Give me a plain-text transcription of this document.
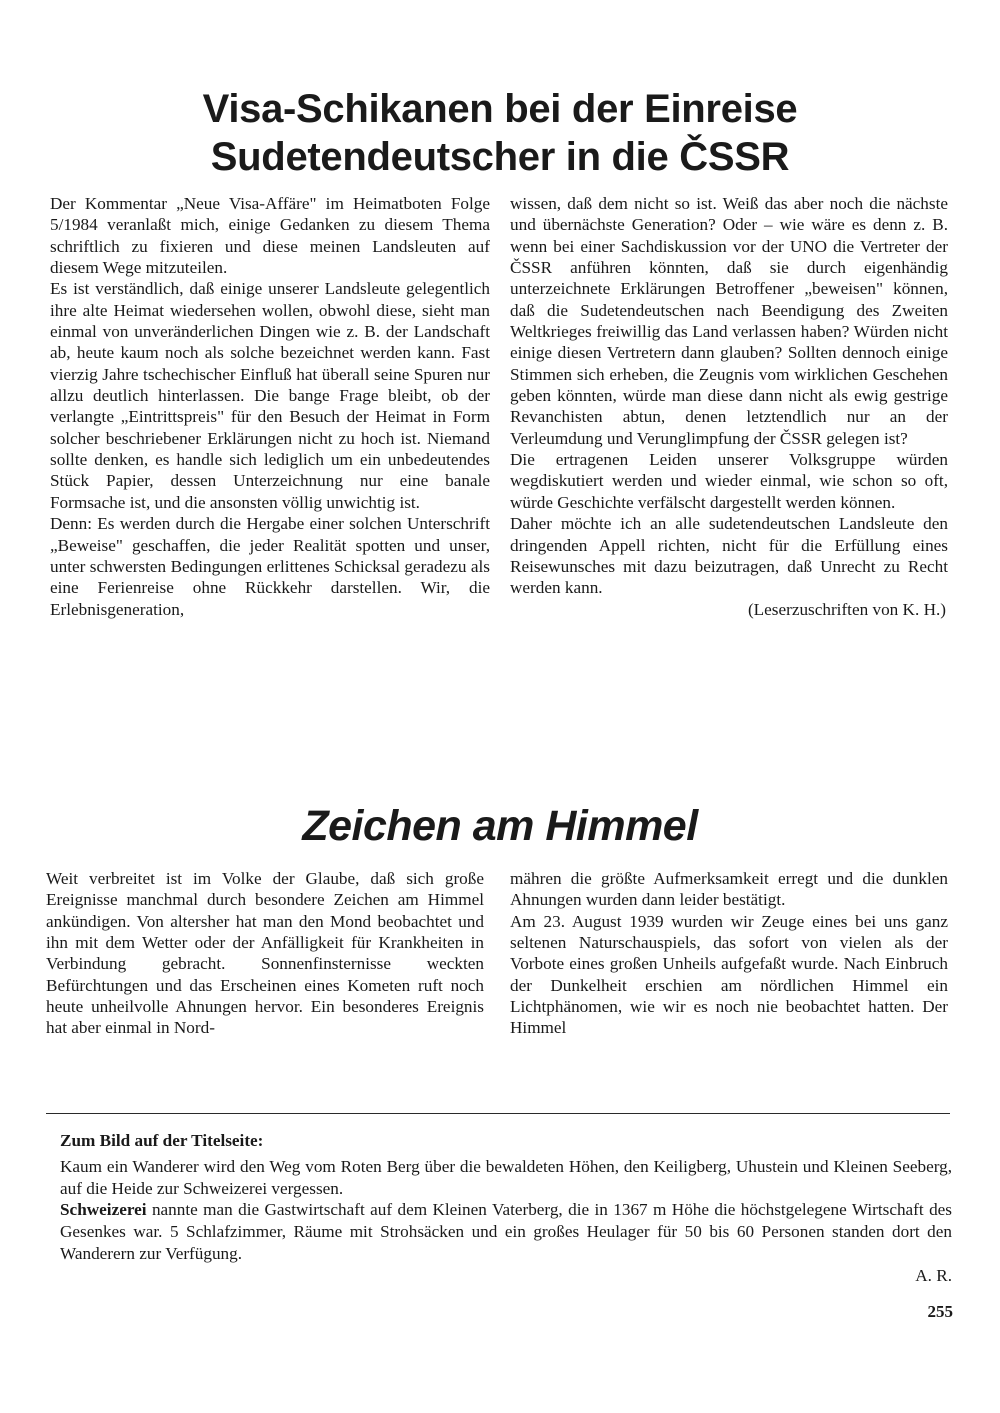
Visa-Schikanen bei der Einreise
Sudetendeutscher in die ČSSR

Der Kommentar „Neue Visa-Affäre" im Heimatboten Folge 5/1984 veranlaßt mich, einige Gedanken zu diesem Thema schriftlich zu fixieren und diese meinen Landsleuten auf diesem Wege mitzuteilen.

Es ist verständlich, daß einige unserer Landsleute gelegentlich ihre alte Heimat wiedersehen wollen, obwohl diese, sieht man einmal von unveränderlichen Dingen wie z. B. der Landschaft ab, heute kaum noch als solche bezeichnet werden kann. Fast vierzig Jahre tschechischer Einfluß hat überall seine Spuren nur allzu deutlich hinterlassen. Die bange Frage bleibt, ob der verlangte „Eintrittspreis" für den Besuch der Heimat in Form solcher beschriebener Erklärungen nicht zu hoch ist. Niemand sollte denken, es handle sich lediglich um ein unbedeutendes Stück Papier, dessen Unterzeichnung nur eine banale Formsache ist, und die ansonsten völlig unwichtig ist.

Denn: Es werden durch die Hergabe einer solchen Unterschrift „Beweise" geschaffen, die jeder Realität spotten und unser, unter schwersten Bedingungen erlittenes Schicksal geradezu als eine Ferienreise ohne Rückkehr darstellen. Wir, die Erlebnisgeneration,

wissen, daß dem nicht so ist. Weiß das aber noch die nächste und übernächste Generation? Oder – wie wäre es denn z. B. wenn bei einer Sachdiskussion vor der UNO die Vertreter der ČSSR anführen könnten, daß sie durch eigenhändig unterzeichnete Erklärungen Betroffener „beweisen" können, daß die Sudetendeutschen nach Beendigung des Zweiten Weltkrieges freiwillig das Land verlassen haben? Würden nicht einige diesen Vertretern dann glauben? Sollten dennoch einige Stimmen sich erheben, die Zeugnis vom wirklichen Geschehen geben könnten, würde man diese dann nicht als ewig gestrige Revanchisten abtun, denen letztendlich nur an der Verleumdung und Verunglimpfung der ČSSR gelegen ist?

Die ertragenen Leiden unserer Volksgruppe würden wegdiskutiert werden und wieder einmal, wie schon so oft, würde Geschichte verfälscht dargestellt werden können.

Daher möchte ich an alle sudetendeutschen Landsleute den dringenden Appell richten, nicht für die Erfüllung eines Reisewunsches mit dazu beizutragen, daß Unrecht zu Recht werden kann.

(Leserzuschriften von K. H.)

Zeichen am Himmel

Weit verbreitet ist im Volke der Glaube, daß sich große Ereignisse manchmal durch besondere Zeichen am Himmel ankündigen. Von altersher hat man den Mond beobachtet und ihn mit dem Wetter oder der Anfälligkeit für Krankheiten in Verbindung gebracht. Sonnenfinsternisse weckten Befürchtungen und das Erscheinen eines Kometen ruft noch heute unheilvolle Ahnungen hervor. Ein besonderes Ereignis hat aber einmal in Nord-

mähren die größte Aufmerksamkeit erregt und die dunklen Ahnungen wurden dann leider bestätigt.

Am 23. August 1939 wurden wir Zeuge eines bei uns ganz seltenen Naturschauspiels, das sofort von vielen als der Vorbote eines großen Unheils aufgefaßt wurde. Nach Einbruch der Dunkelheit erschien am nördlichen Himmel ein Lichtphänomen, wie wir es noch nie beobachtet hatten. Der Himmel

Zum Bild auf der Titelseite:

Kaum ein Wanderer wird den Weg vom Roten Berg über die bewaldeten Höhen, den Keiligberg, Uhustein und Kleinen Seeberg, auf die Heide zur Schweizerei vergessen.

Schweizerei nannte man die Gastwirtschaft auf dem Kleinen Vaterberg, die in 1367 m Höhe die höchstgelegene Wirtschaft des Gesenkes war. 5 Schlafzimmer, Räume mit Strohsäcken und ein großes Heulager für 50 bis 60 Personen standen dort den Wanderern zur Verfügung.

A. R.

255
